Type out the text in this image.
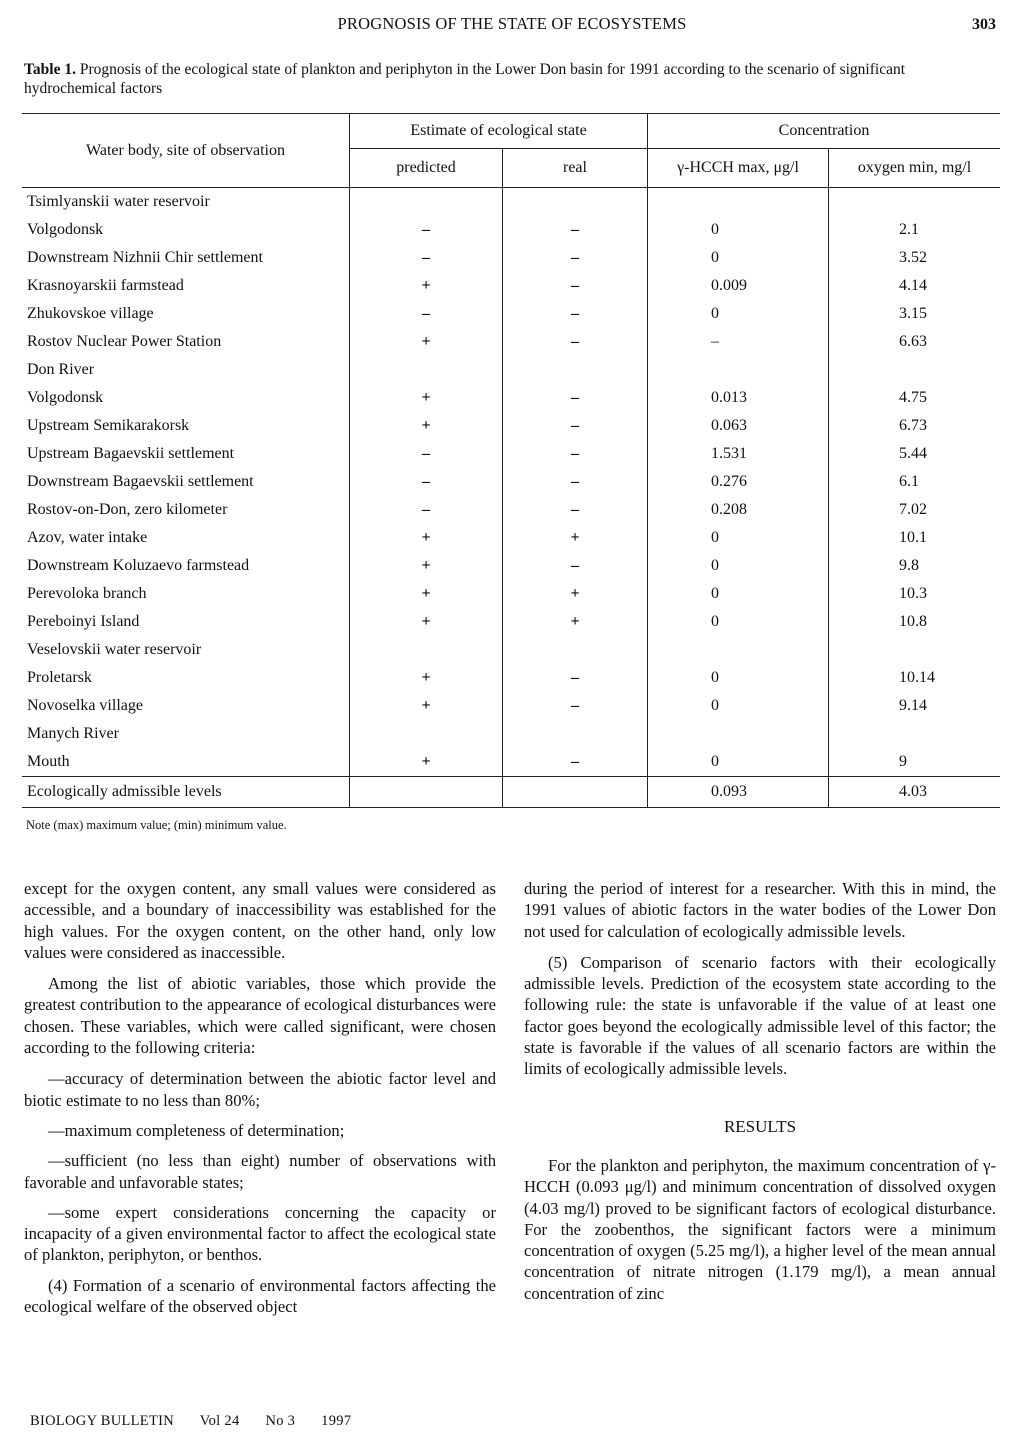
PROGNOSIS OF THE STATE OF ECOSYSTEMS	303
Table 1. Prognosis of the ecological state of plankton and periphyton in the Lower Don basin for 1991 according to the scenario of significant hydrochemical factors
Water body, site of observation	Estimate of ecological state		Concentration	
	predicted	real	γ-HCCH max, μg/l	oxygen min, mg/l
Tsimlyanskii water reservoir				
Volgodonsk	–	–	0	2.1
Downstream Nizhnii Chir settlement	–	–	0	3.52
Krasnoyarskii farmstead	+	–	0.009	4.14
Zhukovskoe village	–	–	0	3.15
Rostov Nuclear Power Station	+	–	–	6.63
Don River				
Volgodonsk	+	–	0.013	4.75
Upstream Semikarakorsk	+	–	0.063	6.73
Upstream Bagaevskii settlement	–	–	1.531	5.44
Downstream Bagaevskii settlement	–	–	0.276	6.1
Rostov-on-Don, zero kilometer	–	–	0.208	7.02
Azov, water intake	+	+	0	10.1
Downstream Koluzaevo farmstead	+	–	0	9.8
Perevoloka branch	+	+	0	10.3
Pereboinyi Island	+	+	0	10.8
Veselovskii water reservoir				
Proletarsk	+	–	0	10.14
Novoselka village	+	–	0	9.14
Manych River				
Mouth	+	–	0	9
Ecologically admissible levels			0.093	4.03
Note (max) maximum value; (min) minimum value.

except for the oxygen content, any small values were considered as accessible, and a boundary of inaccessibility was established for the high values. For the oxygen content, on the other hand, only low values were considered as inaccessible.

Among the list of abiotic variables, those which provide the greatest contribution to the appearance of ecological disturbances were chosen. These variables, which were called significant, were chosen according to the following criteria:

—accuracy of determination between the abiotic factor level and biotic estimate to no less than 80%;

—maximum completeness of determination;

—sufficient (no less than eight) number of observations with favorable and unfavorable states;

—some expert considerations concerning the capacity or incapacity of a given environmental factor to affect the ecological state of plankton, periphyton, or benthos.

(4) Formation of a scenario of environmental factors affecting the ecological welfare of the observed object

during the period of interest for a researcher. With this in mind, the 1991 values of abiotic factors in the water bodies of the Lower Don not used for calculation of ecologically admissible levels.

(5) Comparison of scenario factors with their ecologically admissible levels. Prediction of the ecosystem state according to the following rule: the state is unfavorable if the value of at least one factor goes beyond the ecologically admissible level of this factor; the state is favorable if the values of all scenario factors are within the limits of ecologically admissible levels.

RESULTS

For the plankton and periphyton, the maximum concentration of γ-HCCH (0.093 μg/l) and minimum concentration of dissolved oxygen (4.03 mg/l) proved to be significant factors of ecological disturbance. For the zoobenthos, the significant factors were a minimum concentration of oxygen (5.25 mg/l), a higher level of the mean annual concentration of nitrate nitrogen (1.179 mg/l), a mean annual concentration of zinc

BIOLOGY BULLETIN Vol 24 No 3 1997
